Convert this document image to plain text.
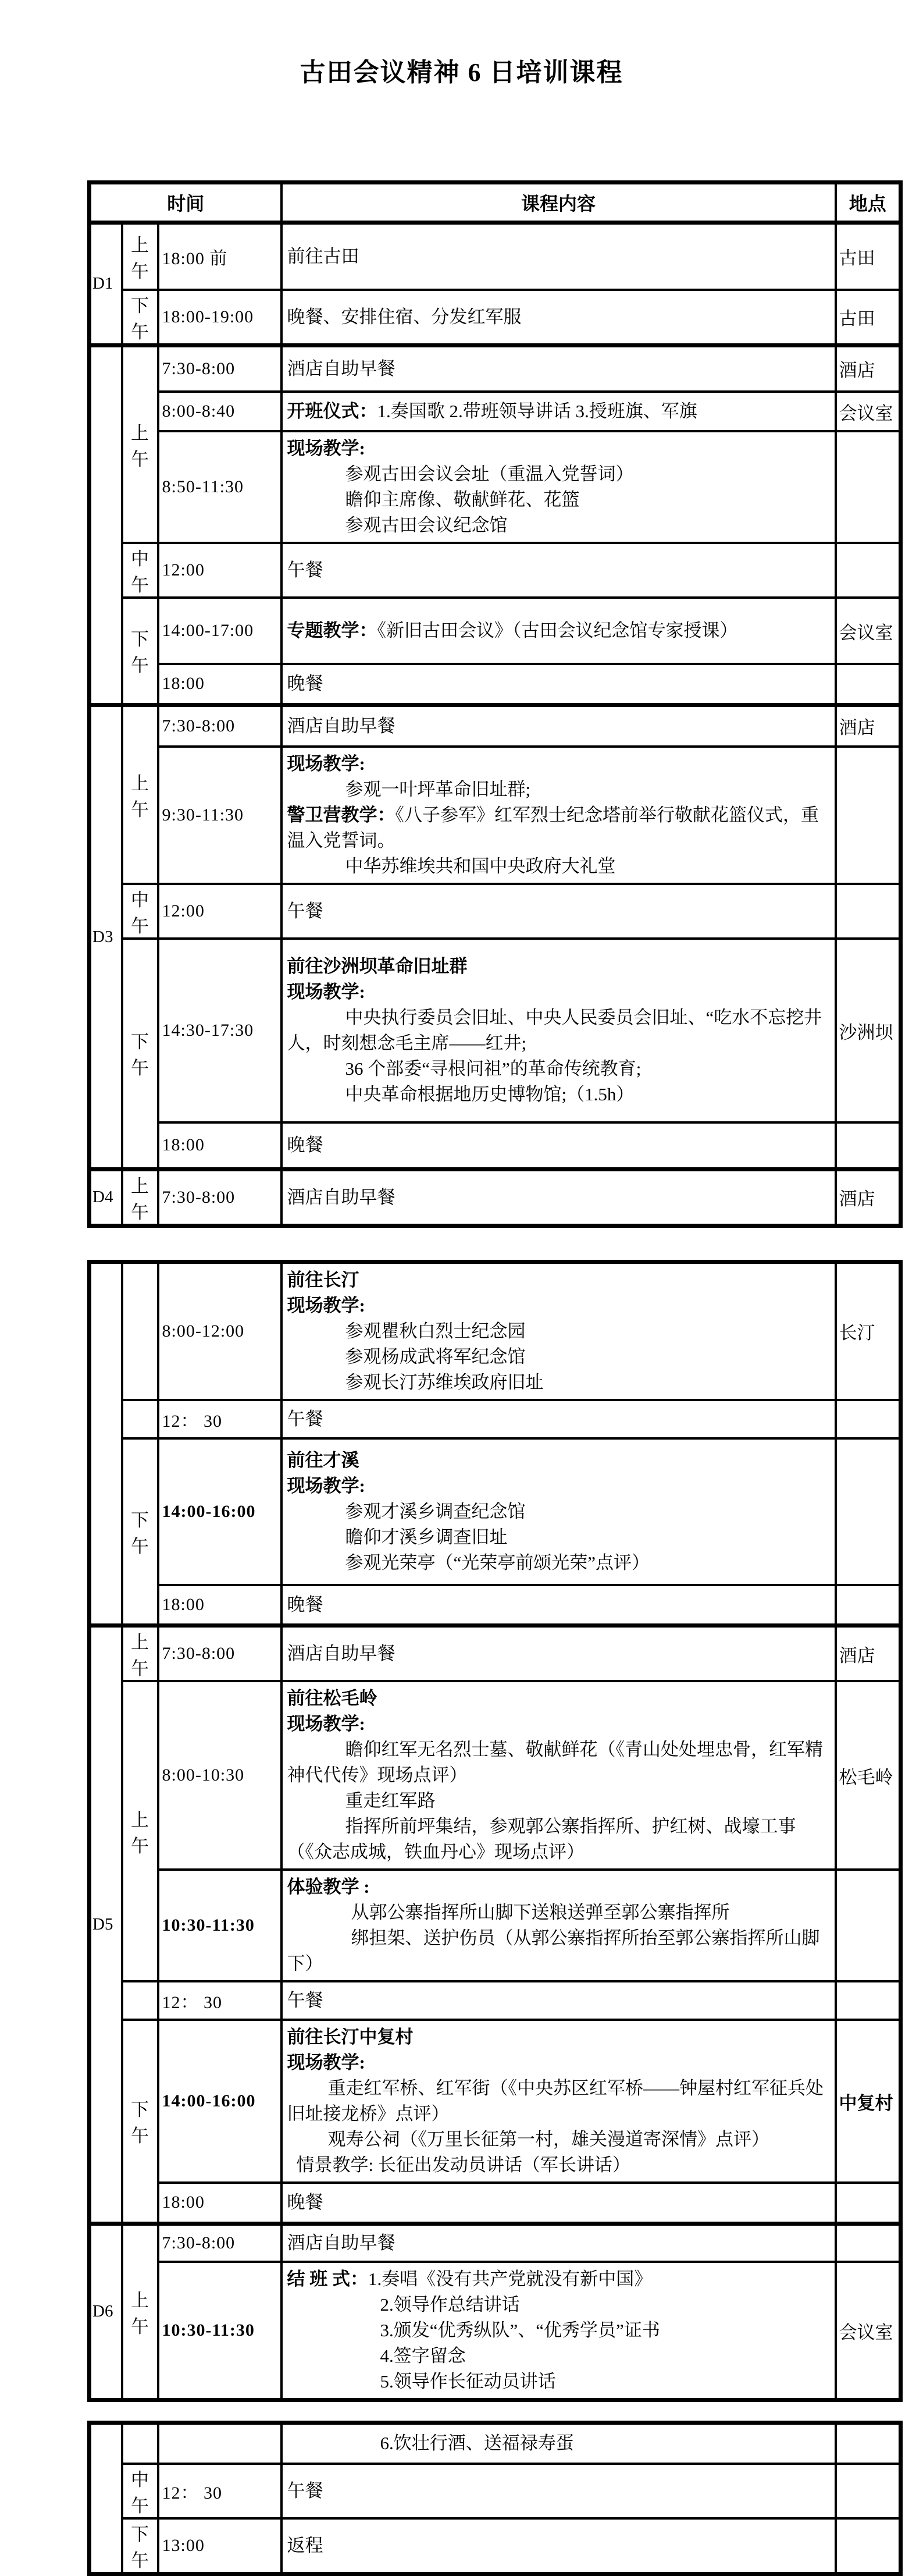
古田会议精神 6 日培训课程
时间			课程内容	地点
D1	上午	18:00 前	前往古田	古田
	下午	18:00-19:00	晚餐、安排住宿、分发红军服	古田
	上午	7:30-8:00	酒店自助早餐	酒店
		8:00-8:40	开班仪式：1.奏国歌 2.带班领导讲话 3.授班旗、军旗	会议室
		8:50-11:30	现场教学:
参观古田会议会址（重温入党誓词）
瞻仰主席像、敬献鲜花、花篮
参观古田会议纪念馆	

	中午	12:00	午餐	

	下午	14:00-17:00	专题教学：《新旧古田会议》（古田会议纪念馆专家授课）	会议室
		18:00	晚餐	

D3	上午	7:30-8:00	酒店自助早餐	酒店
		9:30-11:30	现场教学:
参观一叶坪革命旧址群;
警卫营教学：《八子参军》红军烈士纪念塔前举行敬献花篮仪式，重温入党誓词。
中华苏维埃共和国中央政府大礼堂	

	中午	12:00	午餐	

	下午	14:30-17:30	前往沙洲坝革命旧址群
现场教学:
中央执行委员会旧址、中央人民委员会旧址、“吃水不忘挖井人，时刻想念毛主席——红井;
36 个部委“寻根问祖”的革命传统教育;
中央革命根据地历史博物馆;（1.5h）	沙洲坝
		18:00	晚餐	

D4	上午	7:30-8:00	酒店自助早餐	酒店
		8:00-12:00	前往长汀
现场教学:
参观瞿秋白烈士纪念园
参观杨成武将军纪念馆
参观长汀苏维埃政府旧址	长汀
		12： 30	午餐	

	下午	14:00-16:00	前往才溪
现场教学:
参观才溪乡调查纪念馆
瞻仰才溪乡调查旧址
参观光荣亭（“光荣亭前颂光荣”点评）	

		18:00	晚餐	

D5	上午	7:30-8:00	酒店自助早餐	酒店
	上午	8:00-10:30	前往松毛岭
现场教学:
瞻仰红军无名烈士墓、敬献鲜花（《青山处处埋忠骨，红军精神代代传》现场点评）
重走红军路
指挥所前坪集结，参观郭公寨指挥所、护红树、战壕工事（《众志成城，铁血丹心》现场点评）	松毛岭
		10:30-11:30	体验教学 :
从郭公寨指挥所山脚下送粮送弹至郭公寨指挥所
绑担架、送护伤员（从郭公寨指挥所抬至郭公寨指挥所山脚下）	

		12： 30	午餐	

	下午	14:00-16:00	前往长汀中复村
现场教学:
重走红军桥、红军街（《中央苏区红军桥——钟屋村红军征兵处旧址接龙桥》点评）
观寿公祠（《万里长征第一村，雄关漫道寄深情》点评）
情景教学: 长征出发动员讲话（军长讲话）	中复村
		18:00	晚餐	

D6	上午	7:30-8:00	酒店自助早餐	

		10:30-11:30	结 班 式：1.奏唱《没有共产党就没有新中国》
2.领导作总结讲话
3.颁发“优秀纵队”、“优秀学员”证书
4.签字留念
5.领导作长征动员讲话	会议室

			6.饮壮行酒、送福禄寿蛋	

	中午	12： 30	午餐	

	下午	13:00	返程	
